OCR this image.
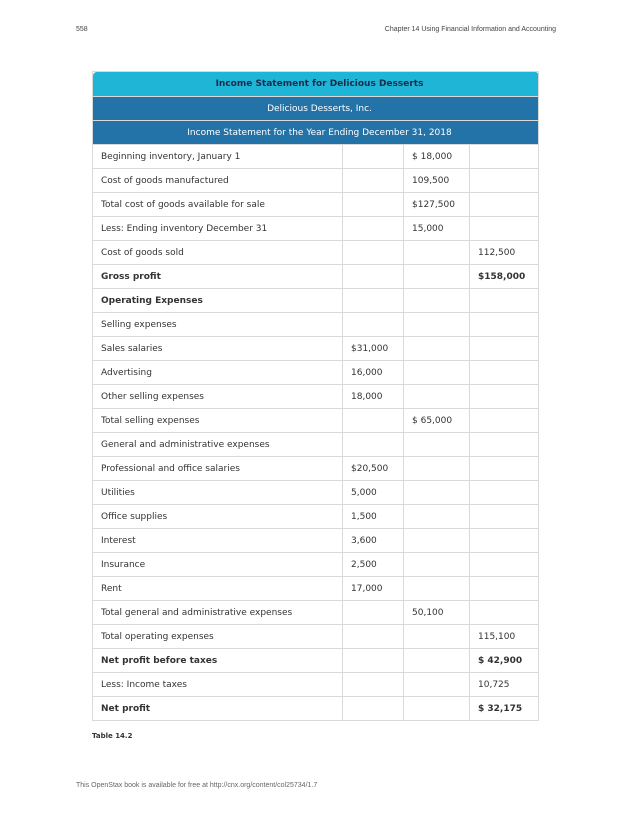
558	Chapter 14 Using Financial Information and Accounting
Income Statement for Delicious Desserts			
Delicious Desserts, Inc.			
Income Statement for the Year Ending December 31, 2018			
Beginning inventory, January 1		$ 18,000	
Cost of goods manufactured		109,500	
Total cost of goods available for sale		$127,500	
Less: Ending inventory December 31		15,000	
Cost of goods sold			112,500
Gross profit			$158,000
Operating Expenses			
Selling expenses			
Sales salaries	$31,000		
Advertising	16,000		
Other selling expenses	18,000		
Total selling expenses		$ 65,000	
General and administrative expenses			
Professional and office salaries	$20,500		
Utilities	5,000		
Office supplies	1,500		
Interest	3,600		
Insurance	2,500		
Rent	17,000		
Total general and administrative expenses		50,100	
Total operating expenses			115,100
Net profit before taxes			$ 42,900
Less: Income taxes			10,725
Net profit			$ 32,175
Table 14.2
This OpenStax book is available for free at http://cnx.org/content/col25734/1.7
